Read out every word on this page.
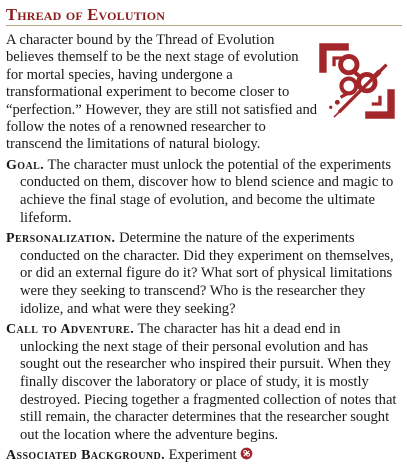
Thread of Evolution

A character bound by the Thread of Evolution believes themself to be the next stage of evolution for mortal species, having undergone a transformational experiment to become closer to “perfection.” However, they are still not satisfied and follow the notes of a renowned researcher to transcend the limitations of natural biology.

Goal. The character must unlock the potential of the experiments conducted on them, discover how to blend science and magic to achieve the final stage of evolution, and become the ultimate lifeform.

Personalization. Determine the nature of the experiments conducted on the character. Did they experiment on themselves, or did an external figure do it? What sort of physical limitations were they seeking to transcend? Who is the researcher they idolize, and what were they seeking?

Call to Adventure. The character has hit a dead end in unlocking the next stage of their personal evolution and has sought out the researcher who inspired their pursuit. When they finally discover the laboratory or place of study, it is mostly destroyed. Piecing together a fragmented collection of notes that still remain, the character determines that the researcher sought out the location where the adventure begins.

Associated Background. Experiment
